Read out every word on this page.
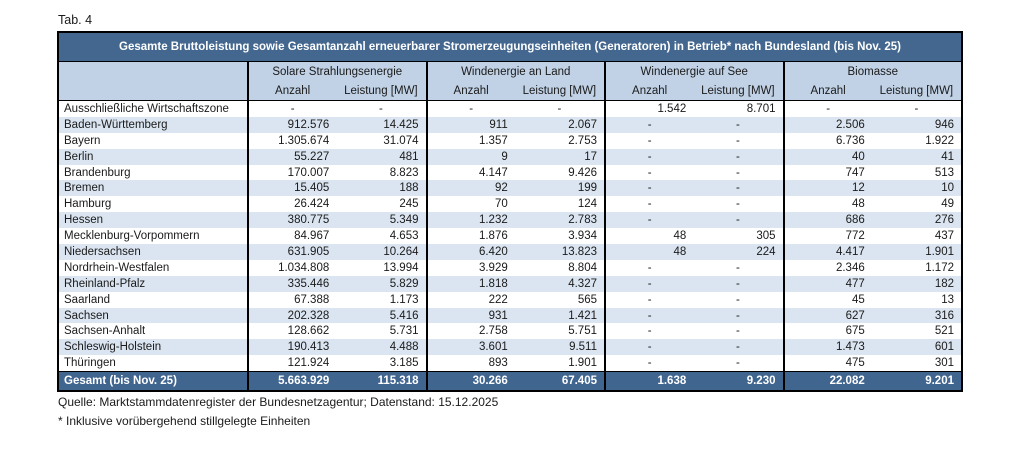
Tab. 4
Gesamte Bruttoleistung sowie Gesamtanzahl erneuerbarer Stromerzeugungseinheiten (Generatoren) in Betrieb* nach Bundesland (bis Nov. 25)
Solare Strahlungsenergie	Windenergie an Land	Windenergie auf See	Biomasse
Anzahl	Leistung [MW]	Anzahl	Leistung [MW]	Anzahl	Leistung [MW]	Anzahl	Leistung [MW]
Ausschließliche Wirtschaftszone	-	-	-	-	1.542	8.701	-	-
Baden-Württemberg	912.576	14.425	911	2.067	-	-	2.506	946
Bayern	1.305.674	31.074	1.357	2.753	-	-	6.736	1.922
Berlin	55.227	481	9	17	-	-	40	41
Brandenburg	170.007	8.823	4.147	9.426	-	-	747	513
Bremen	15.405	188	92	199	-	-	12	10
Hamburg	26.424	245	70	124	-	-	48	49
Hessen	380.775	5.349	1.232	2.783	-	-	686	276
Mecklenburg-Vorpommern	84.967	4.653	1.876	3.934	48	305	772	437
Niedersachsen	631.905	10.264	6.420	13.823	48	224	4.417	1.901
Nordrhein-Westfalen	1.034.808	13.994	3.929	8.804	-	-	2.346	1.172
Rheinland-Pfalz	335.446	5.829	1.818	4.327	-	-	477	182
Saarland	67.388	1.173	222	565	-	-	45	13
Sachsen	202.328	5.416	931	1.421	-	-	627	316
Sachsen-Anhalt	128.662	5.731	2.758	5.751	-	-	675	521
Schleswig-Holstein	190.413	4.488	3.601	9.511	-	-	1.473	601
Thüringen	121.924	3.185	893	1.901	-	-	475	301
Gesamt (bis Nov. 25)	5.663.929	115.318	30.266	67.405	1.638	9.230	22.082	9.201
Quelle: Marktstammdatenregister der Bundesnetzagentur; Datenstand: 15.12.2025
* Inklusive vorübergehend stillgelegte Einheiten
